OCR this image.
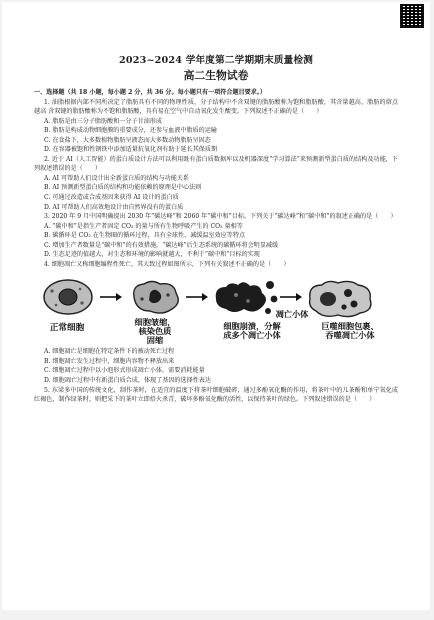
2023~2024 学年度第二学期期末质量检测
高二生物试卷

一、选择题（共 18 小题，每小题 2 分，共 36 分。每小题只有一项符合题目要求。）

1. 油脂根据内部不同所决定了脂肪具有不同的物理性质，分子结构中不含双键的脂肪酸称为饱和脂肪酸，其含量越高，脂肪的熔点越高 含双键的脂肪酸称为不饱和脂肪酸，具有易在空气中自动氧化发生酸变。下列叙述不正确的是（　　）

A. 脂肪是由三分子脂肪酸和一分子甘油形成

B. 脂肪是构成动物细胞膜的重要成分，还参与血液中脂质的运输

C. 在食盐下，大多数植物脂肪呈液态而大多数动物脂肪呈固态

D. 在容器被饱和性钢铁中添加适量抗氧化剂有助于延长其保质期

2. 近于 AI（人工智能）的蛋白质设计方法可以利用既有蛋白质数据库以及机器深度“学习算法”来预测新型蛋白质的结构及功能，下列叙述错误的是（　　）

A. AI 可帮助人们设计出全新蛋白质的结构与功能关系

B. AI 预测新型蛋白质的结构和功能依赖的原理是中心法则

C. 可通过改造或合成基因来获得 AI 设计的蛋白质

D. AI 可帮助人们高效地设计由自然界没有的蛋白质

3. 2020 年 9 月中国明确提出 2030 年“碳达峰”和 2060 年“碳中和”目标。下列关于“碳达峰”和“碳中和”的叙述正确的是（　　）

A. “碳中和”是指生产者固定 CO₂ 的量与所有生物呼吸产生的 CO₂ 量相等

B. 碳循环是 CO₂ 在生物圈的循环过程，具有全球性、减缓温室效应等特点

C. 增加生产者数量是“碳中和”的有效措施，“碳达峰”后生态系统的碳循环将会明显减缓

D. 生态足迹的值越大，对生态和环境的影响就越大，不利于“碳中和”目标的实现

4. 细胞凋亡又称细胞编程性死亡，其大致过程如图所示，下列有关叙述不正确的是（　　）

正常细胞
细胞皱缩，
核染色质
固缩
凋亡小体
细胞崩溃，分解
成多个凋亡小体
巨噬细胞包裹、
吞噬凋亡小体

A. 细胞凋亡是细胞在特定条件下的被动死亡过程

B. 细胞凋亡发生过程中，细胞内容物不释放出来

C. 细胞凋亡过程中以小泡形式形成凋亡小体，需要消耗能量

D. 细胞凋亡过程中有新蛋白质合成，体现了基因的选择性表达

5. 东梁多中国的传统文化，制作茶时，在适宜的温度下将茶叶细胞破碎，通过多酚氧化酶的作用，将茶叶中的儿茶酚和单宁氧化成红褐色，制作绿茶时，则把采下的茶叶立即焙火杀青，破坏多酚氧化酶的活性，以保持茶叶的绿色。下列叙述错误的是（　　）
